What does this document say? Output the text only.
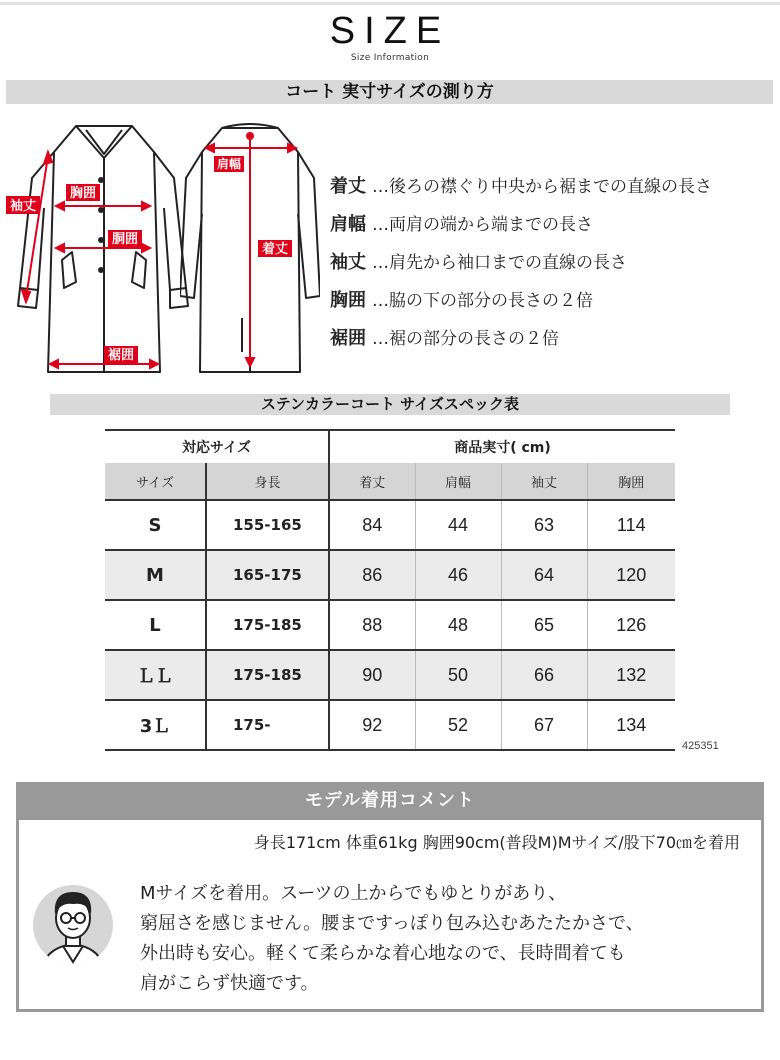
SIZE
Size Information
コート 実寸サイズの測り方
袖丈
胸囲
胴囲
裾囲
肩幅
着丈
着丈 …後ろの襟ぐり中央から裾までの直線の長さ
肩幅 …両肩の端から端までの長さ
袖丈 …肩先から袖口までの直線の長さ
胸囲 …脇の下の部分の長さの２倍
裾囲 …裾の部分の長さの２倍
ステンカラーコート サイズスペック表
対応サイズ		商品実寸( cm)			
サイズ	身長	着丈	肩幅	袖丈	胸囲
S	155-165	84	44	63	114
M	165-175	86	46	64	120
L	175-185	88	48	65	126
ＬＬ	175-185	90	50	66	132
3Ｌ	175-	92	52	67	134
425351
モデル着用コメント
身長171cm 体重61kg 胸囲90cm(普段M)Mサイズ/股下70㎝を着用
Mサイズを着用。スーツの上からでもゆとりがあり、
窮屈さを感じません。腰まですっぽり包み込むあたたかさで、
外出時も安心。軽くて柔らかな着心地なので、長時間着ても
肩がこらず快適です。
